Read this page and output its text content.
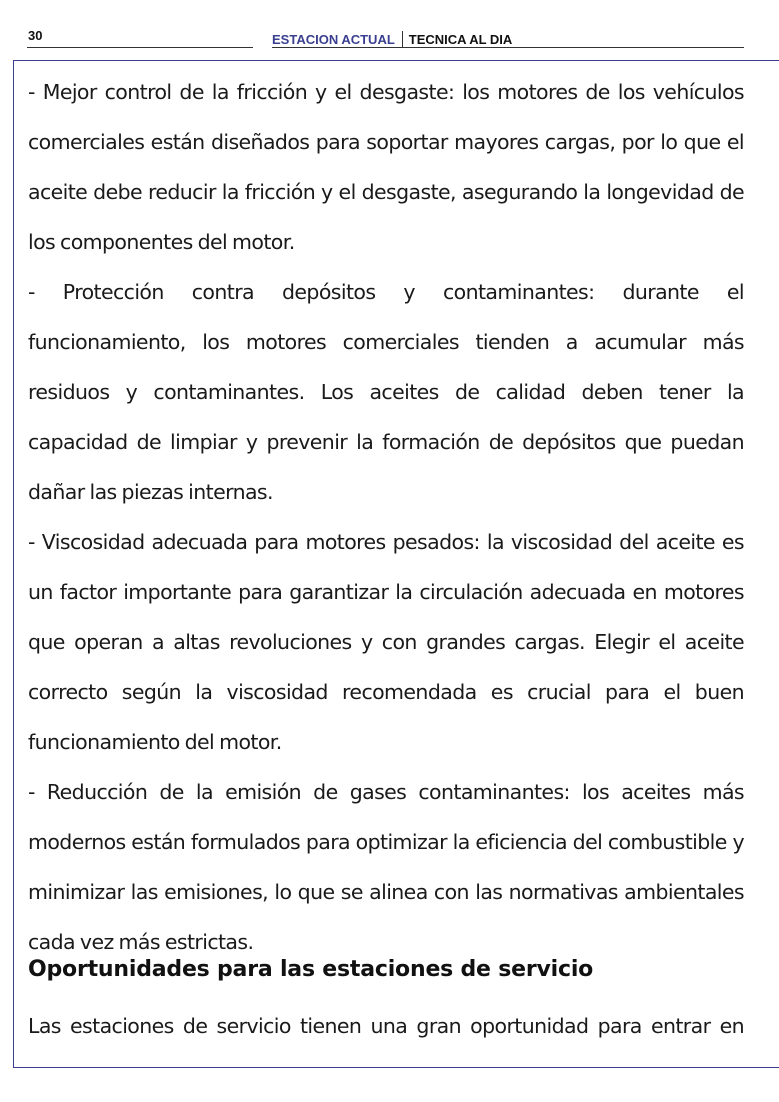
30	ESTACION ACTUAL TECNICA AL DIA

- Mejor control de la fricción y el desgaste: los motores de los vehículos comerciales están diseñados para soportar mayores cargas, por lo que el aceite debe reducir la fricción y el desgaste, asegurando la longevidad de los componentes del motor.

- Protección contra depósitos y contaminantes: durante el funcionamiento, los motores comerciales tienden a acumular más residuos y contaminantes. Los aceites de calidad deben tener la capacidad de limpiar y prevenir la formación de depósitos que puedan dañar las piezas internas.

- Viscosidad adecuada para motores pesados: la viscosidad del aceite es un factor importante para garantizar la circulación adecuada en motores que operan a altas revoluciones y con grandes cargas. Elegir el aceite correcto según la viscosidad recomendada es crucial para el buen funcionamiento del motor.

- Reducción de la emisión de gases contaminantes: los aceites más modernos están formulados para optimizar la eficiencia del combustible y minimizar las emisiones, lo que se alinea con las normativas ambientales cada vez más estrictas.

Oportunidades para las estaciones de servicio

Las estaciones de servicio tienen una gran oportunidad para entrar en
